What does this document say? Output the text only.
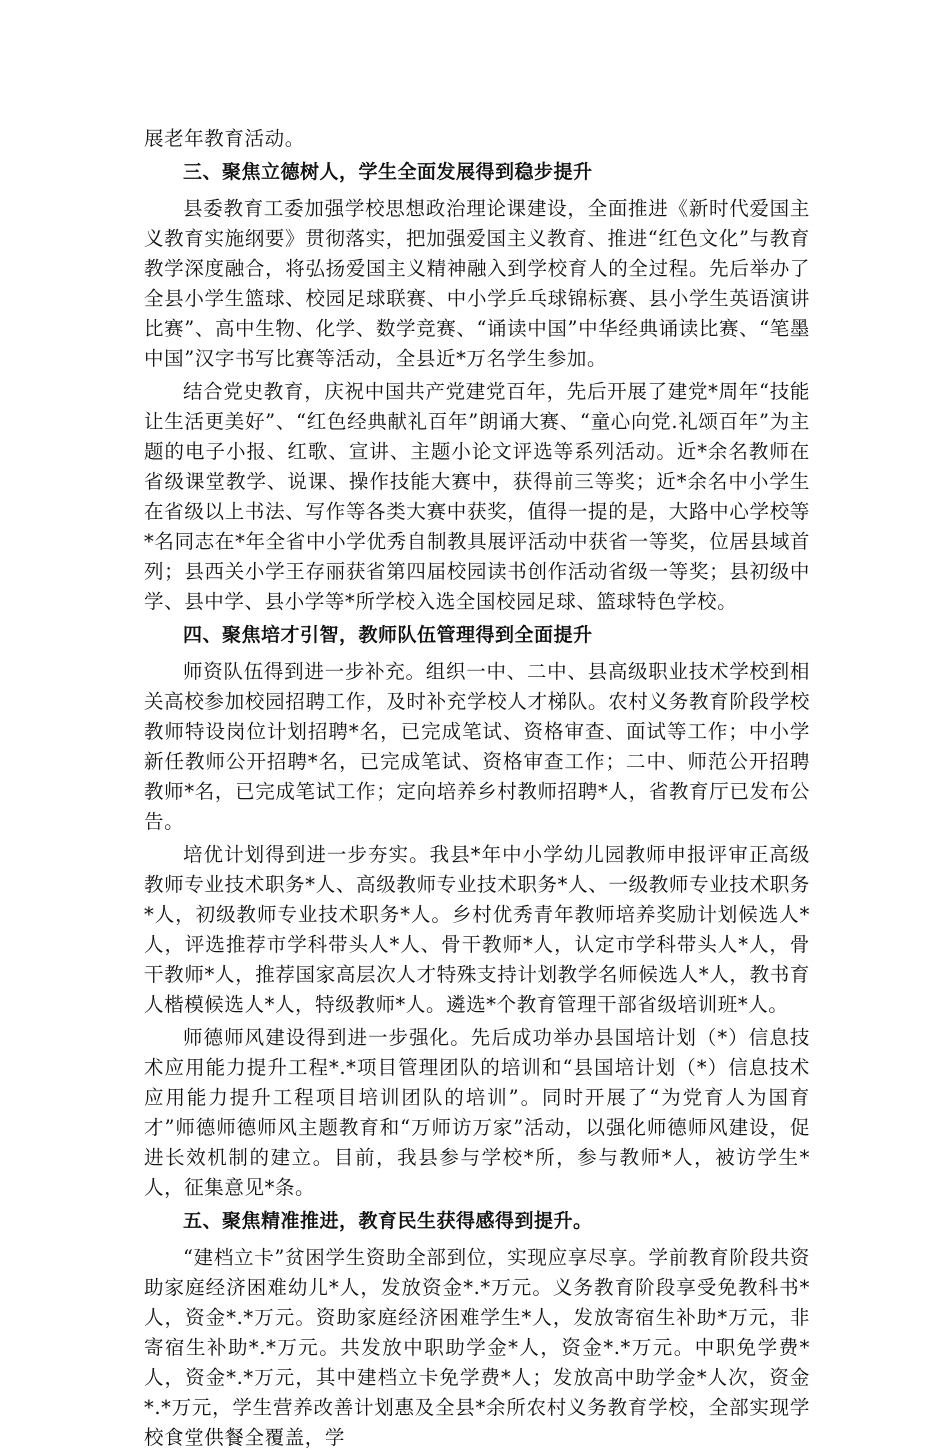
展老年教育活动。

三、聚焦立德树人，学生全面发展得到稳步提升

县委教育工委加强学校思想政治理论课建设，全面推进《新时代爱国主义教育实施纲要》贯彻落实，把加强爱国主义教育、推进“红色文化”与教育教学深度融合，将弘扬爱国主义精神融入到学校育人的全过程。先后举办了全县小学生篮球、校园足球联赛、中小学乒乓球锦标赛、县小学生英语演讲比赛”、高中生物、化学、数学竞赛、“诵读中国”中华经典诵读比赛、“笔墨中国”汉字书写比赛等活动，全县近*万名学生参加。

结合党史教育，庆祝中国共产党建党百年，先后开展了建党*周年“技能让生活更美好”、“红色经典献礼百年”朗诵大赛、“童心向党.礼颂百年”为主题的电子小报、红歌、宣讲、主题小论文评选等系列活动。近*余名教师在省级课堂教学、说课、操作技能大赛中，获得前三等奖；近*余名中小学生在省级以上书法、写作等各类大赛中获奖，值得一提的是，大路中心学校等*名同志在*年全省中小学优秀自制教具展评活动中获省一等奖，位居县域首列；县西关小学王存丽获省第四届校园读书创作活动省级一等奖；县初级中学、县中学、县小学等*所学校入选全国校园足球、篮球特色学校。

四、聚焦培才引智，教师队伍管理得到全面提升

师资队伍得到进一步补充。组织一中、二中、县高级职业技术学校到相关高校参加校园招聘工作，及时补充学校人才梯队。农村义务教育阶段学校教师特设岗位计划招聘*名，已完成笔试、资格审查、面试等工作；中小学新任教师公开招聘*名，已完成笔试、资格审查工作；二中、师范公开招聘教师*名，已完成笔试工作；定向培养乡村教师招聘*人，省教育厅已发布公告。

培优计划得到进一步夯实。我县*年中小学幼儿园教师申报评审正高级教师专业技术职务*人、高级教师专业技术职务*人、一级教师专业技术职务*人，初级教师专业技术职务*人。乡村优秀青年教师培养奖励计划候选人*人，评选推荐市学科带头人*人、骨干教师*人，认定市学科带头人*人，骨干教师*人，推荐国家高层次人才特殊支持计划教学名师候选人*人，教书育人楷模候选人*人，特级教师*人。遴选*个教育管理干部省级培训班*人。

师德师风建设得到进一步强化。先后成功举办县国培计划（*）信息技术应用能力提升工程*.*项目管理团队的培训和“县国培计划（*）信息技术应用能力提升工程项目培训团队的培训”。同时开展了“为党育人为国育才”师德师德师风主题教育和“万师访万家”活动，以强化师德师风建设，促进长效机制的建立。目前，我县参与学校*所，参与教师*人，被访学生*人，征集意见*条。

五、聚焦精准推进，教育民生获得感得到提升。

“建档立卡”贫困学生资助全部到位，实现应享尽享。学前教育阶段共资助家庭经济困难幼儿*人，发放资金*.*万元。义务教育阶段享受免教科书*人，资金*.*万元。资助家庭经济困难学生*人，发放寄宿生补助*万元，非寄宿生补助*.*万元。共发放中职助学金*人，资金*.*万元。中职免学费*人，资金*.*万元，其中建档立卡免学费*人；发放高中助学金*人次，资金*.*万元，学生营养改善计划惠及全县*余所农村义务教育学校，全部实现学校食堂供餐全覆盖，学
